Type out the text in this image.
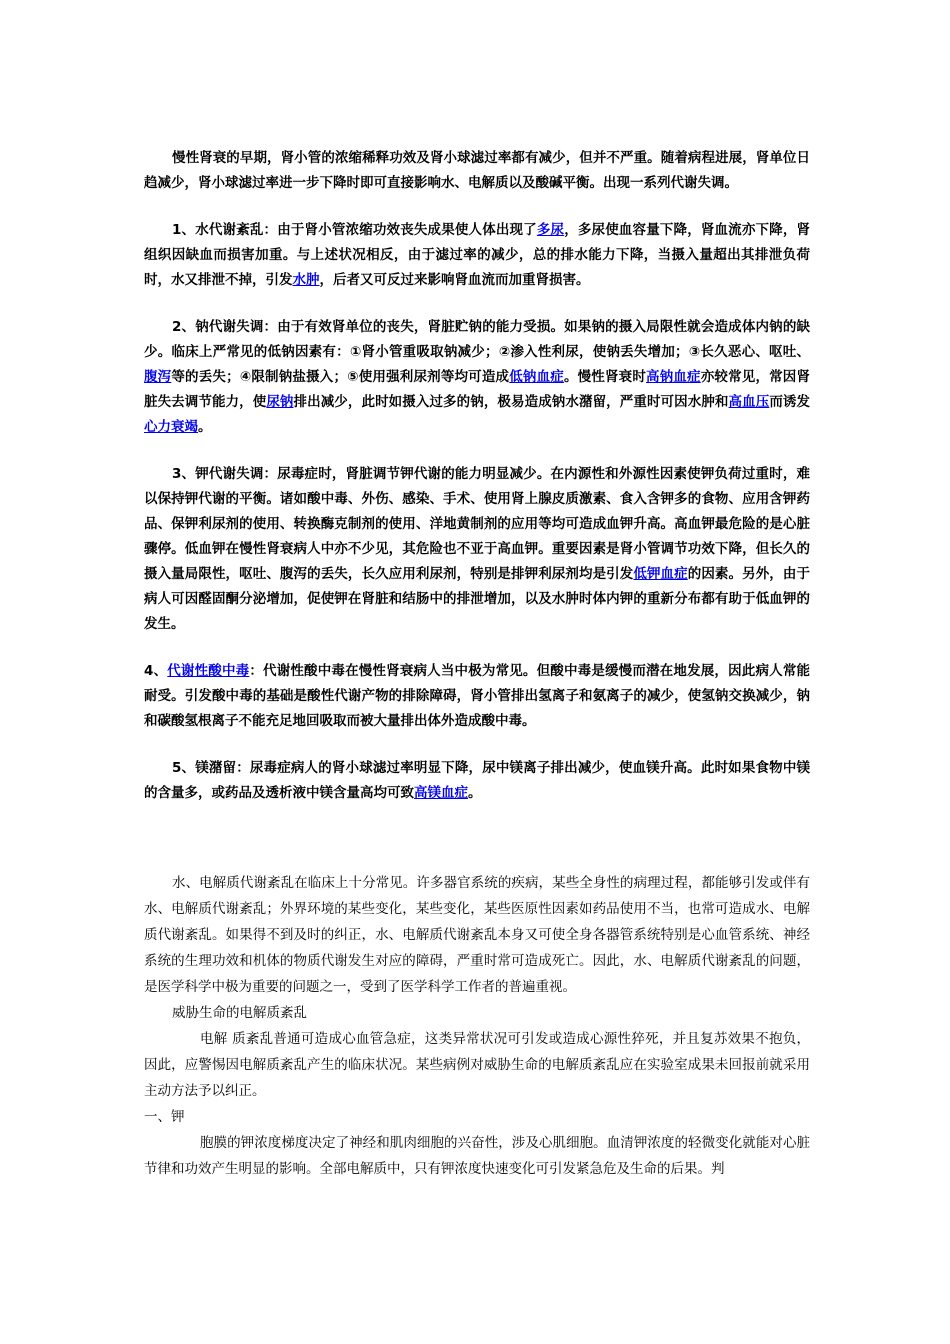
慢性肾衰的早期，肾小管的浓缩稀释功效及肾小球滤过率都有减少，但并不严重。随着病程进展，肾单位日趋减少，肾小球滤过率进一步下降时即可直接影响水、电解质以及酸碱平衡。出现一系列代谢失调。

1、水代谢紊乱：由于肾小管浓缩功效丧失成果使人体出现了多尿，多尿使血容量下降，肾血流亦下降，肾组织因缺血而损害加重。与上述状况相反，由于滤过率的减少，总的排水能力下降，当摄入量超出其排泄负荷时，水又排泄不掉，引发水肿，后者又可反过来影响肾血流而加重肾损害。

2、钠代谢失调：由于有效肾单位的丧失，肾脏贮钠的能力受损。如果钠的摄入局限性就会造成体内钠的缺少。临床上严常见的低钠因素有：①肾小管重吸取钠减少；②渗入性利尿，使钠丢失增加；③长久恶心、呕吐、腹泻等的丢失；④限制钠盐摄入；⑤使用强利尿剂等均可造成低钠血症。慢性肾衰时高钠血症亦较常见，常因肾脏失去调节能力，使尿钠排出减少，此时如摄入过多的钠，极易造成钠水潴留，严重时可因水肿和高血压而诱发心力衰竭。

3、钾代谢失调：尿毒症时，肾脏调节钾代谢的能力明显减少。在内源性和外源性因素使钾负荷过重时，难以保持钾代谢的平衡。诸如酸中毒、外伤、感染、手术、使用肾上腺皮质激素、食入含钾多的食物、应用含钾药品、保钾利尿剂的使用、转换酶克制剂的使用、洋地黄制剂的应用等均可造成血钾升高。高血钾最危险的是心脏骤停。低血钾在慢性肾衰病人中亦不少见，其危险也不亚于高血钾。重要因素是肾小管调节功效下降，但长久的摄入量局限性，呕吐、腹泻的丢失，长久应用利尿剂，特别是排钾利尿剂均是引发低钾血症的因素。另外，由于病人可因醛固酮分泌增加，促使钾在肾脏和结肠中的排泄增加，以及水肿时体内钾的重新分布都有助于低血钾的发生。

4、代谢性酸中毒：代谢性酸中毒在慢性肾衰病人当中极为常见。但酸中毒是缓慢而潜在地发展，因此病人常能耐受。引发酸中毒的基础是酸性代谢产物的排除障碍，肾小管排出氢离子和氨离子的减少，使氢钠交换减少，钠和碳酸氢根离子不能充足地回吸取而被大量排出体外造成酸中毒。

5、镁潴留：尿毒症病人的肾小球滤过率明显下降，尿中镁离子排出减少，使血镁升高。此时如果食物中镁的含量多，或药品及透析液中镁含量高均可致高镁血症。

水、电解质代谢紊乱在临床上十分常见。许多器官系统的疾病，某些全身性的病理过程，都能够引发或伴有水、电解质代谢紊乱；外界环境的某些变化，某些变化，某些医原性因素如药品使用不当，也常可造成水、电解质代谢紊乱。如果得不到及时的纠正，水、电解质代谢紊乱本身又可使全身各器管系统特别是心血管系统、神经系统的生理功效和机体的物质代谢发生对应的障碍，严重时常可造成死亡。因此，水、电解质代谢紊乱的问题，是医学科学中极为重要的问题之一，受到了医学科学工作者的普遍重视。

威胁生命的电解质紊乱

电解 质紊乱普通可造成心血管急症，这类异常状况可引发或造成心源性猝死，并且复苏效果不抱负，因此，应警惕因电解质紊乱产生的临床状况。某些病例对威胁生命的电解质紊乱应在实验室成果未回报前就采用主动方法予以纠正。

一、钾

胞膜的钾浓度梯度决定了神经和肌肉细胞的兴奋性，涉及心肌细胞。血清钾浓度的轻微变化就能对心脏节律和功效产生明显的影响。全部电解质中，只有钾浓度快速变化可引发紧急危及生命的后果。判
